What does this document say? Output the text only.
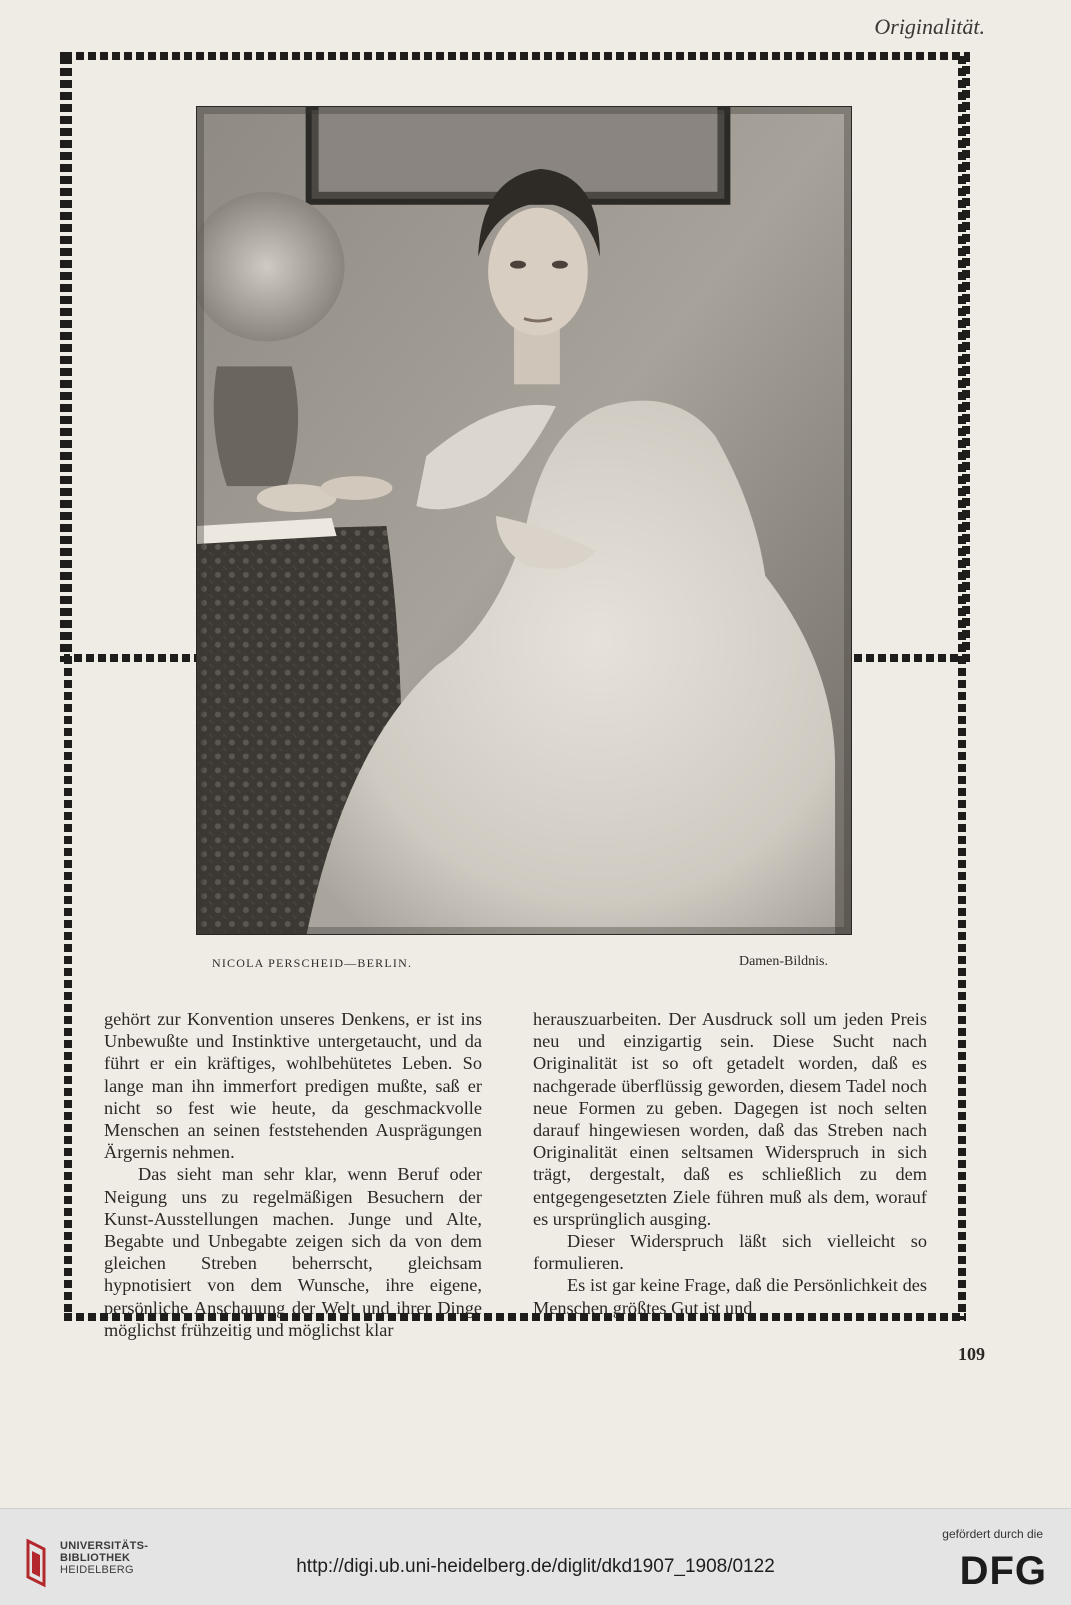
Originalität.
NICOLA PERSCHEID—BERLIN.	Damen-Bildnis.

gehört zur Konvention unseres Denkens, er ist ins Unbewußte und Instinktive untergetaucht, und da führt er ein kräftiges, wohlbehütetes Leben. So lange man ihn immerfort predigen mußte, saß er nicht so fest wie heute, da geschmackvolle Menschen an seinen feststehenden Ausprägungen Ärgernis nehmen.

Das sieht man sehr klar, wenn Beruf oder Neigung uns zu regelmäßigen Besuchern der Kunst-Ausstellungen machen. Junge und Alte, Begabte und Unbegabte zeigen sich da von dem gleichen Streben beherrscht, gleichsam hypnotisiert von dem Wunsche, ihre eigene, persönliche Anschauung der Welt und ihrer Dinge möglichst frühzeitig und möglichst klar

herauszuarbeiten. Der Ausdruck soll um jeden Preis neu und einzigartig sein. Diese Sucht nach Originalität ist so oft getadelt worden, daß es nachgerade überflüssig geworden, diesem Tadel noch neue Formen zu geben. Dagegen ist noch selten darauf hingewiesen worden, daß das Streben nach Originalität einen seltsamen Widerspruch in sich trägt, dergestalt, daß es schließlich zu dem entgegengesetzten Ziele führen muß als dem, worauf es ursprünglich ausging.

Dieser Widerspruch läßt sich vielleicht so formulieren.

Es ist gar keine Frage, daß die Persönlichkeit des Menschen größtes Gut ist und

109
UNIVERSITÄTS-
BIBLIOTHEK
HEIDELBERG	http://digi.ub.uni-heidelberg.de/diglit/dkd1907_1908/0122
gefördert durch die
DFG
